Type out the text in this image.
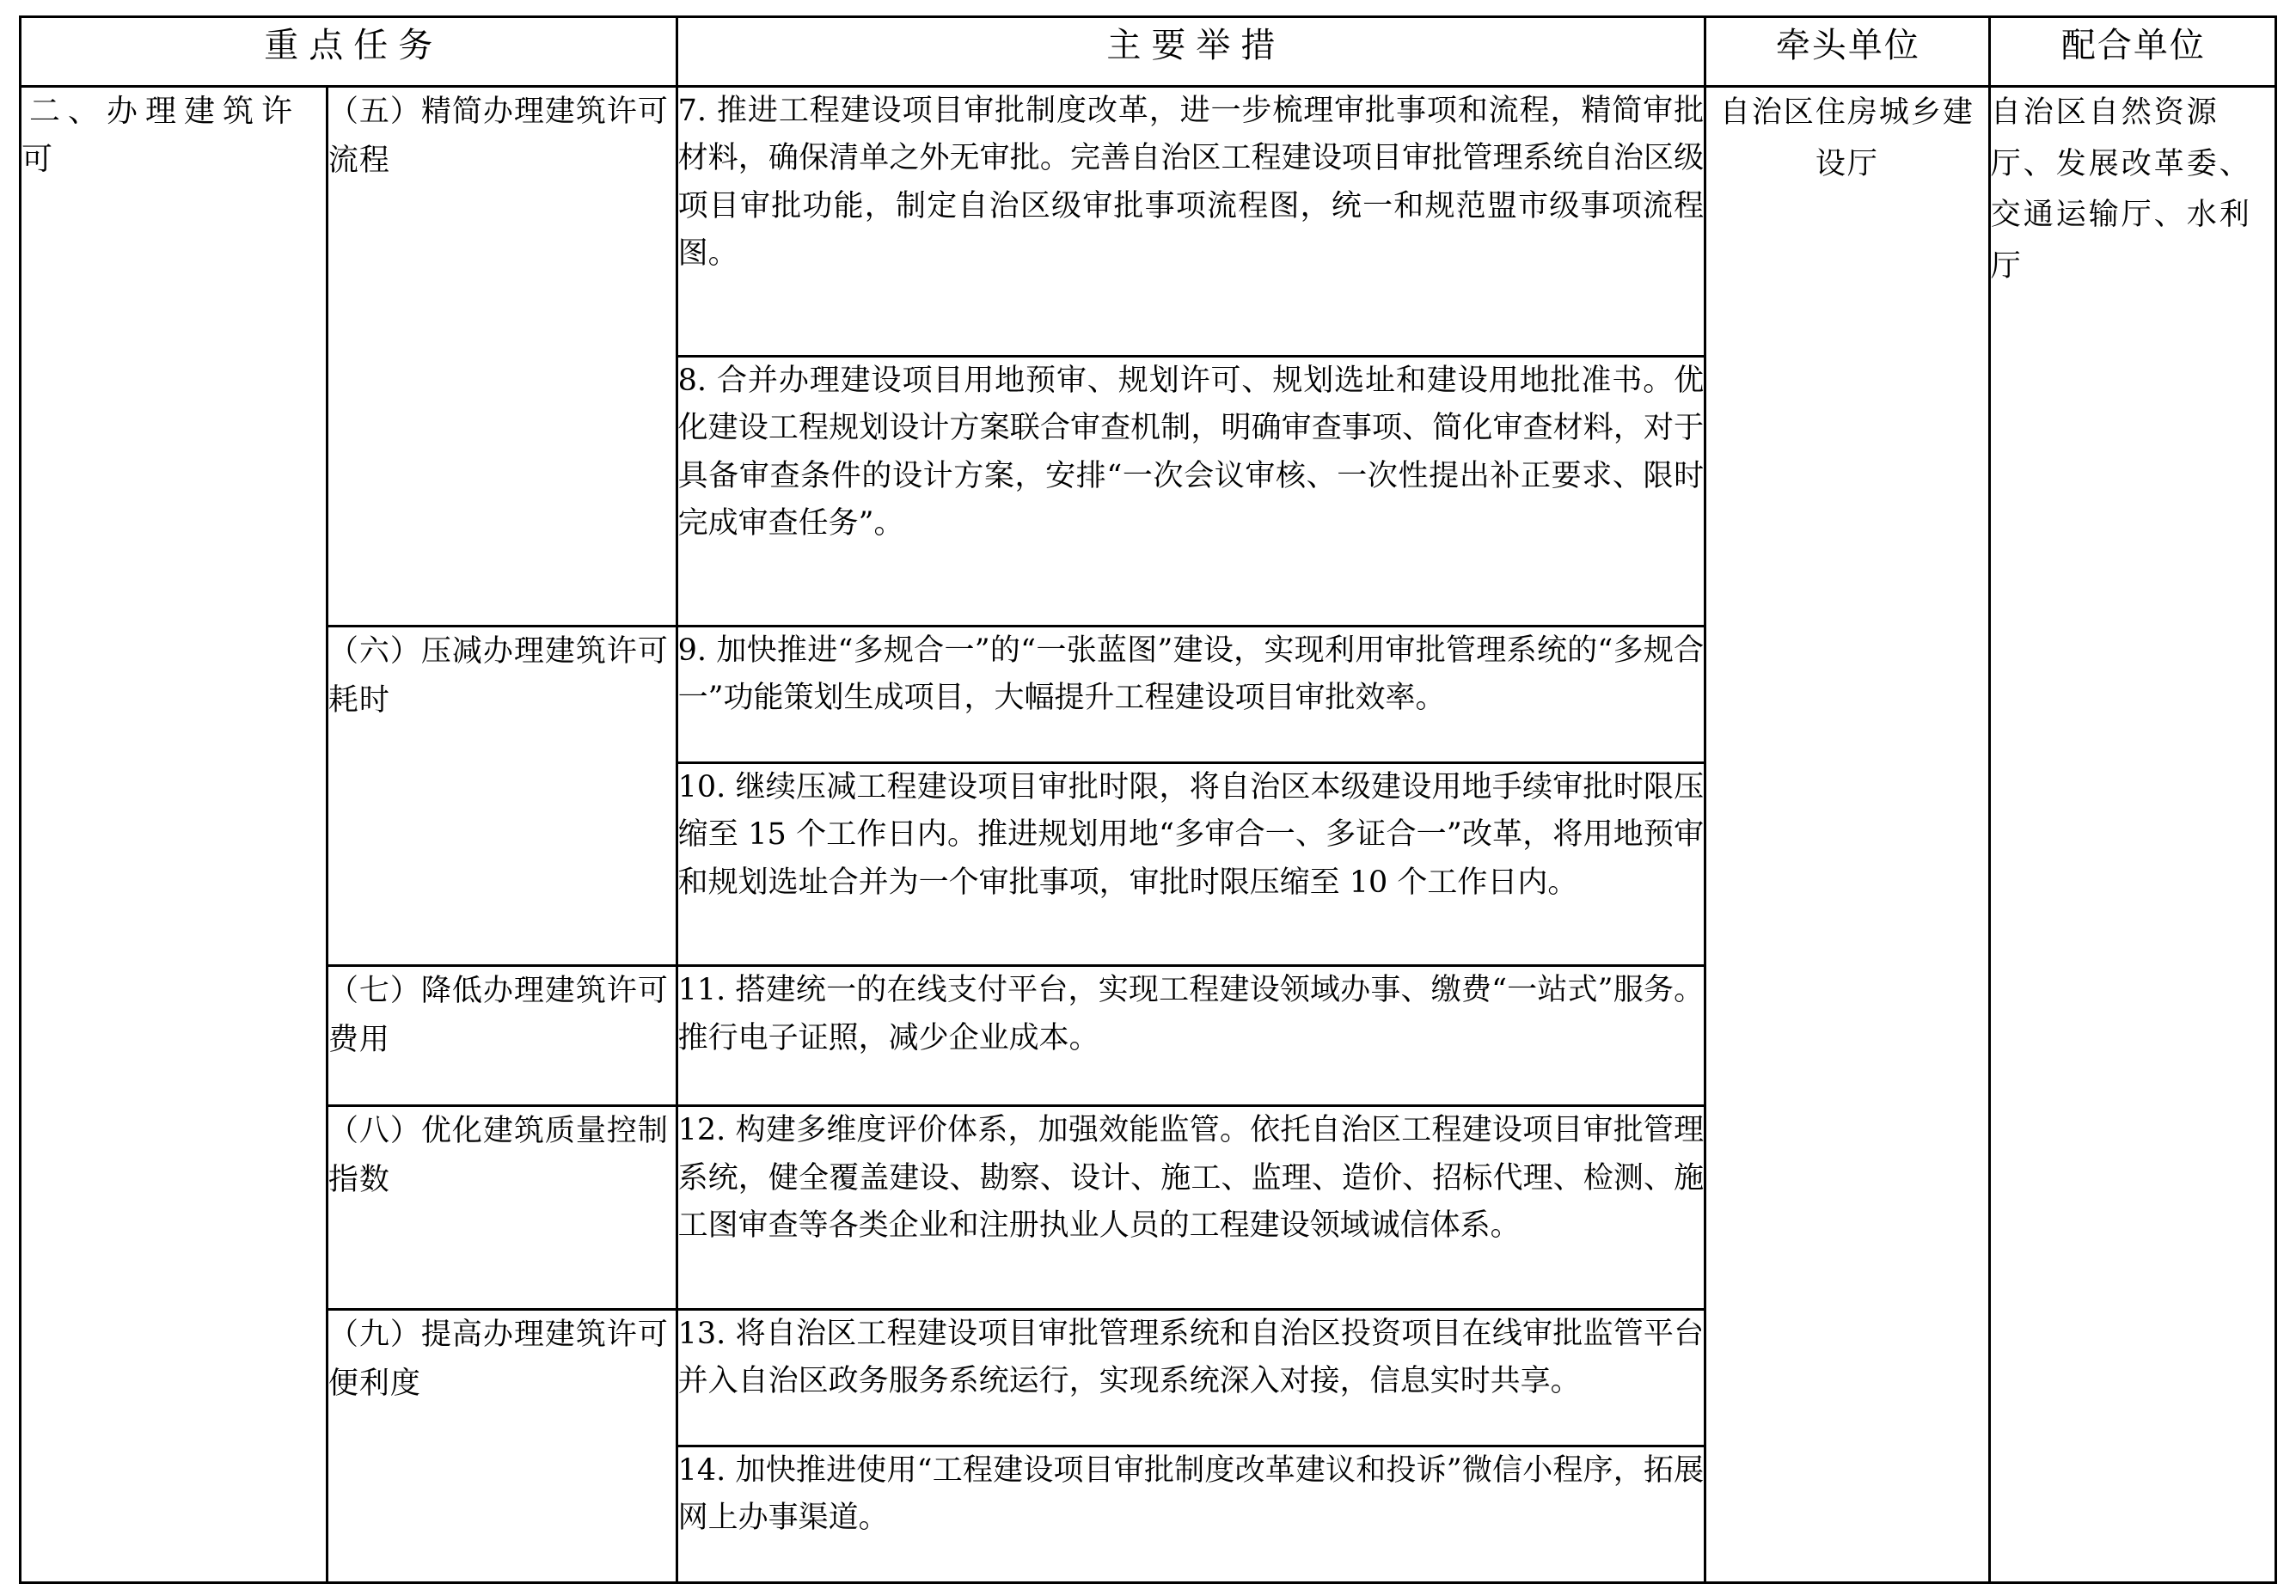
重点任务		主要举措	牵头单位	配合单位
二、办理建筑许可	（五）精简办理建筑许可流程	7. 推进工程建设项目审批制度改革，进一步梳理审批事项和流程，精简审批材料，确保清单之外无审批。完善自治区工程建设项目审批管理系统自治区级项目审批功能，制定自治区级审批事项流程图，统一和规范盟市级事项流程图。	自治区住房城乡建设厅	自治区自然资源厅、发展改革委、交通运输厅、水利厅

		8. 合并办理建设项目用地预审、规划许可、规划选址和建设用地批准书。优化建设工程规划设计方案联合审查机制，明确审查事项、简化审查材料，对于具备审查条件的设计方案，安排“一次会议审核、一次性提出补正要求、限时完成审查任务”。		

	（六）压减办理建筑许可耗时	9. 加快推进“多规合一”的“一张蓝图”建设，实现利用审批管理系统的“多规合一”功能策划生成项目，大幅提升工程建设项目审批效率。		

		10. 继续压减工程建设项目审批时限，将自治区本级建设用地手续审批时限压缩至 15 个工作日内。推进规划用地“多审合一、多证合一”改革，将用地预审和规划选址合并为一个审批事项，审批时限压缩至 10 个工作日内。		

	（七）降低办理建筑许可费用	11. 搭建统一的在线支付平台，实现工程建设领域办事、缴费“一站式”服务。推行电子证照，减少企业成本。		

	（八）优化建筑质量控制指数	12. 构建多维度评价体系，加强效能监管。依托自治区工程建设项目审批管理系统，健全覆盖建设、勘察、设计、施工、监理、造价、招标代理、检测、施工图审查等各类企业和注册执业人员的工程建设领域诚信体系。		

	（九）提高办理建筑许可便利度	13. 将自治区工程建设项目审批管理系统和自治区投资项目在线审批监管平台并入自治区政务服务系统运行，实现系统深入对接，信息实时共享。		

		14. 加快推进使用“工程建设项目审批制度改革建议和投诉”微信小程序，拓展网上办事渠道。		
